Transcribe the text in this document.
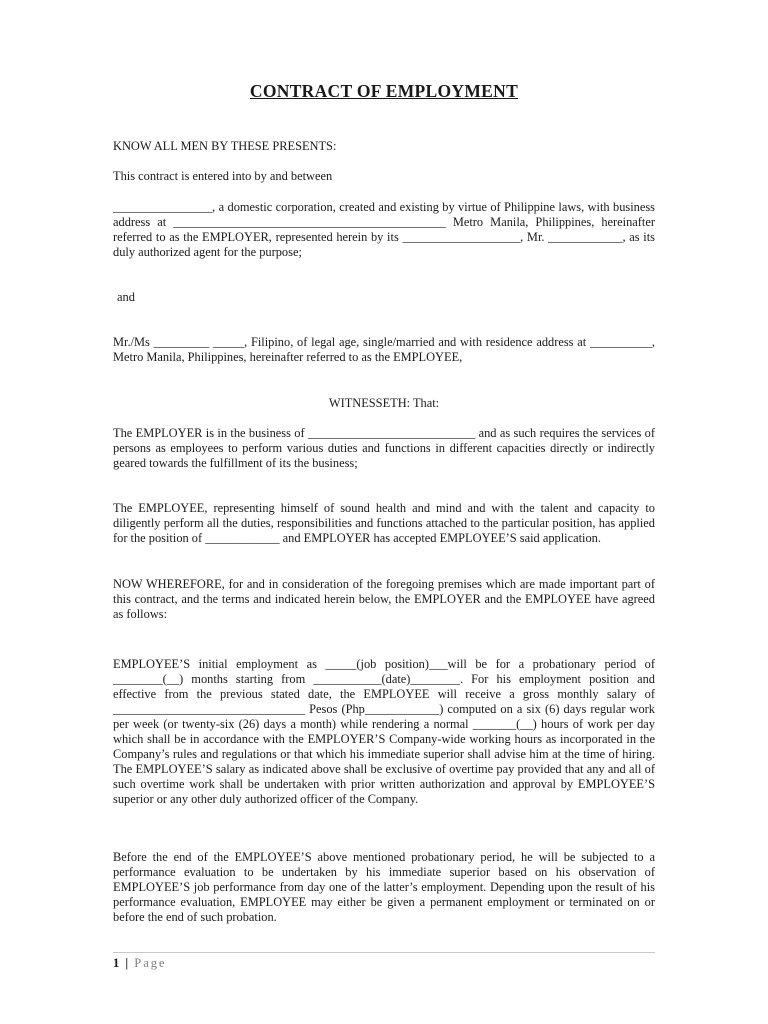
CONTRACT OF EMPLOYMENT

KNOW ALL MEN BY THESE PRESENTS:

This contract is entered into by and between

________________, a domestic corporation, created and existing by virtue of Philippine laws, with business address at ____________________________________________ Metro Manila, Philippines, hereinafter referred to as the EMPLOYER, represented herein by its ___________________, Mr. ____________, as its duly authorized agent for the purpose;

and

Mr./Ms _________ _____, Filipino, of legal age, single/married and with residence address at __________, Metro Manila, Philippines, hereinafter referred to as the EMPLOYEE,

WITNESSETH: That:

The EMPLOYER is in the business of ___________________________ and as such requires the services of persons as employees to perform various duties and functions in different capacities directly or indirectly geared towards the fulfillment of its the business;

The EMPLOYEE, representing himself of sound health and mind and with the talent and capacity to diligently perform all the duties, responsibilities and functions attached to the particular position, has applied for the position of ____________ and EMPLOYER has accepted EMPLOYEE’S said application.

NOW WHEREFORE, for and in consideration of the foregoing premises which are made important part of this contract, and the terms and indicated herein below, the EMPLOYER and the EMPLOYEE have agreed as follows:

EMPLOYEE’S initial employment as _____(job position)___will be for a probationary period of ________(__) months starting from ___________(date)________. For his employment position and effective from the previous stated date, the EMPLOYEE will receive a gross monthly salary of _______________________________ Pesos (Php____________) computed on a six (6) days regular work per week (or twenty-six (26) days a month) while rendering a normal _______(__) hours of work per day which shall be in accordance with the EMPLOYER’S Company-wide working hours as incorporated in the Company’s rules and regulations or that which his immediate superior shall advise him at the time of hiring. The EMPLOYEE’S salary as indicated above shall be exclusive of overtime pay provided that any and all of such overtime work shall be undertaken with prior written authorization and approval by EMPLOYEE’S superior or any other duly authorized officer of the Company.

Before the end of the EMPLOYEE’S above mentioned probationary period, he will be subjected to a performance evaluation to be undertaken by his immediate superior based on his observation of EMPLOYEE’S job performance from day one of the latter’s employment. Depending upon the result of his performance evaluation, EMPLOYEE may either be given a permanent employment or terminated on or before the end of such probation.

1 | Page
